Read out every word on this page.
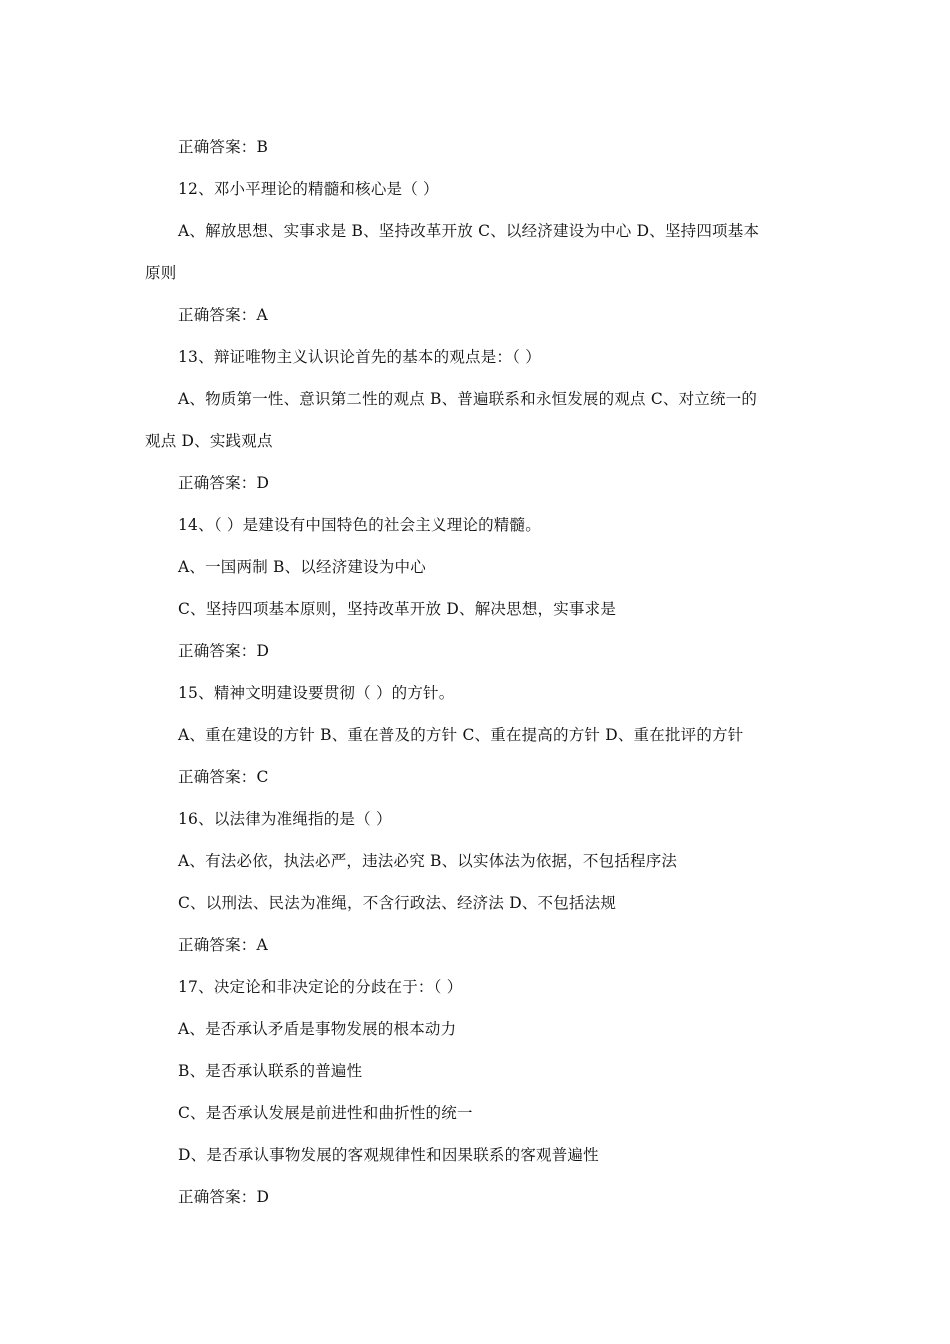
正确答案：B
12、邓小平理论的精髓和核心是（ ）
A、解放思想、实事求是 B、坚持改革开放 C、以经济建设为中心 D、坚持四项基本
原则
正确答案：A
13、辩证唯物主义认识论首先的基本的观点是：（ ）
A、物质第一性、意识第二性的观点 B、普遍联系和永恒发展的观点 C、对立统一的
观点 D、实践观点
正确答案：D
14、（ ）是建设有中国特色的社会主义理论的精髓。
A、一国两制 B、以经济建设为中心
C、坚持四项基本原则，坚持改革开放 D、解决思想，实事求是
正确答案：D
15、精神文明建设要贯彻（ ）的方针。
A、重在建设的方针 B、重在普及的方针 C、重在提高的方针 D、重在批评的方针
正确答案：C
16、以法律为准绳指的是（ ）
A、有法必依，执法必严，违法必究 B、以实体法为依据，不包括程序法
C、以刑法、民法为准绳，不含行政法、经济法 D、不包括法规
正确答案：A
17、决定论和非决定论的分歧在于：（ ）
A、是否承认矛盾是事物发展的根本动力
B、是否承认联系的普遍性
C、是否承认发展是前进性和曲折性的统一
D、是否承认事物发展的客观规律性和因果联系的客观普遍性
正确答案：D
